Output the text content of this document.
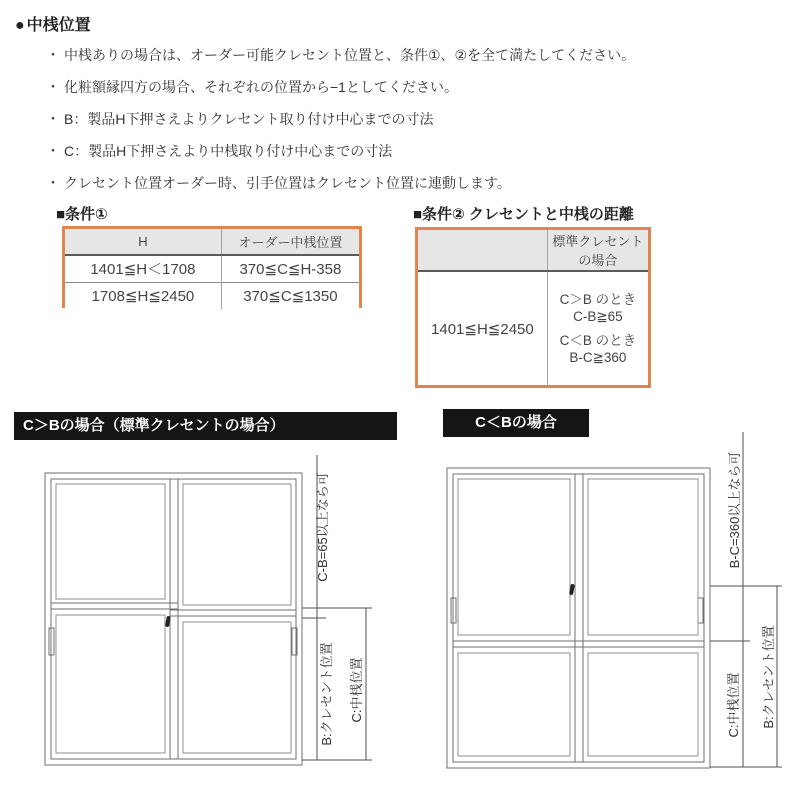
● 中桟位置
・ 中桟ありの場合は、オーダー可能クレセント位置と、条件①、②を全て満たしてください。
・ 化粧額縁四方の場合、それぞれの位置から−1としてください。
・ B：製品H下押さえよりクレセント取り付け中心までの寸法
・ C：製品H下押さえより中桟取り付け中心までの寸法
・ クレセント位置オーダー時、引手位置はクレセント位置に連動します。
■条件①
H	オーダー中桟位置
1401≦H＜1708	370≦C≦H-358
1708≦H≦2450	370≦C≦1350
■条件② クレセントと中桟の距離

	標準クレセント
の場合

1401≦H≦2450	C＞B のとき
C-B≧65
C＜B のとき
B-C≧360
C＞Bの場合（標準クレセントの場合）	C＜Bの場合
C-B=65以上なら可
B:クレセント位置 C:中桟位置
B-C=360以上なら可
C:中桟位置 B:クレセント位置
